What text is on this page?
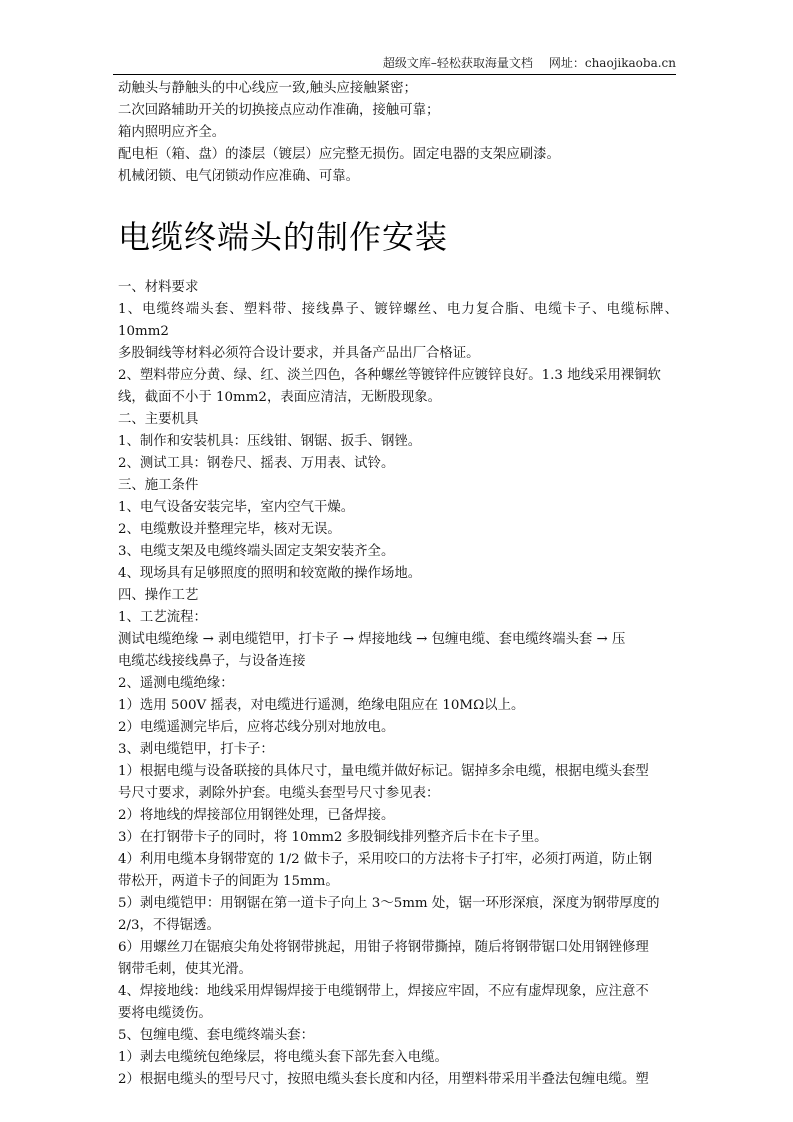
超级文库–轻松获取海量文档 网址：chaojikaoba.cn
动触头与静触头的中心线应一致,触头应接触紧密；
二次回路辅助开关的切换接点应动作准确，接触可靠；
箱内照明应齐全。
配电柜（箱、盘）的漆层（镀层）应完整无损伤。固定电器的支架应刷漆。
机械闭锁、电气闭锁动作应准确、可靠。
电缆终端头的制作安装
一、材料要求
1、电缆终端头套、塑料带、接线鼻子、镀锌螺丝、电力复合脂、电缆卡子、电缆标牌、10mm2
多股铜线等材料必须符合设计要求，并具备产品出厂合格证。
2、塑料带应分黄、绿、红、淡兰四色，各种螺丝等镀锌件应镀锌良好。1.3 地线采用裸铜软
线，截面不小于 10mm2，表面应清洁，无断股现象。
二、主要机具
1、制作和安装机具：压线钳、钢锯、扳手、钢锉。
2、测试工具：钢卷尺、摇表、万用表、试铃。
三、施工条件
1、电气设备安装完毕，室内空气干燥。
2、电缆敷设并整理完毕，核对无误。
3、电缆支架及电缆终端头固定支架安装齐全。
4、现场具有足够照度的照明和较宽敞的操作场地。
四、操作工艺
1、工艺流程：
测试电缆绝缘 → 剥电缆铠甲，打卡子 → 焊接地线 → 包缠电缆、套电缆终端头套 → 压
电缆芯线接线鼻子，与设备连接
2、遥测电缆绝缘：
1）选用 500V 摇表，对电缆进行遥测，绝缘电阻应在 10MΩ以上。
2）电缆遥测完毕后，应将芯线分别对地放电。
3、剥电缆铠甲，打卡子：
1）根据电缆与设备联接的具体尺寸，量电缆并做好标记。锯掉多余电缆，根据电缆头套型
号尺寸要求，剥除外护套。电缆头套型号尺寸参见表：
2）将地线的焊接部位用钢锉处理，已备焊接。
3）在打钢带卡子的同时，将 10mm2 多股铜线排列整齐后卡在卡子里。
4）利用电缆本身钢带宽的 1/2 做卡子，采用咬口的方法将卡子打牢，必须打两道，防止钢
带松开，两道卡子的间距为 15mm。
5）剥电缆铠甲：用钢锯在第一道卡子向上 3～5mm 处，锯一环形深痕，深度为钢带厚度的
2/3，不得锯透。
6）用螺丝刀在锯痕尖角处将钢带挑起，用钳子将钢带撕掉，随后将钢带锯口处用钢锉修理
钢带毛刺，使其光滑。
4、焊接地线：地线采用焊锡焊接于电缆钢带上，焊接应牢固，不应有虚焊现象，应注意不
要将电缆烫伤。
5、包缠电缆、套电缆终端头套：
1）剥去电缆统包绝缘层，将电缆头套下部先套入电缆。
2）根据电缆头的型号尺寸，按照电缆头套长度和内径，用塑料带采用半叠法包缠电缆。塑
